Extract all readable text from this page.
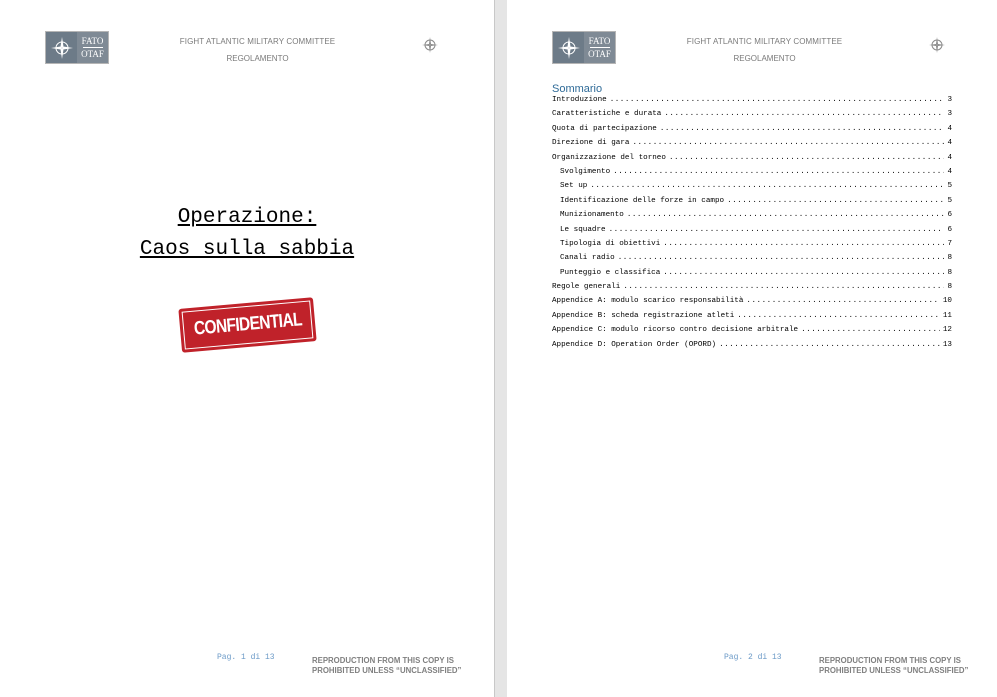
FATO
OTAF
FIGHT ATLANTIC MILITARY COMMITTEE
REGOLAMENTO
Operazione:
Caos sulla sabbia
CONFIDENTIAL
Pag. 1 di 13	REPRODUCTION FROM THIS COPY IS
PROHIBITED UNLESS “UNCLASSIFIED”
FATO
OTAF
FIGHT ATLANTIC MILITARY COMMITTEE
REGOLAMENTO
Sommario
Introduzione .....	3
Caratteristiche e durata .....	3
Quota di partecipazione .....	4
Direzione di gara .....	4
Organizzazione del torneo .....	4
Svolgimento .....	4
Set up .....	5
Identificazione delle forze in campo .....	5
Munizionamento .....	6
Le squadre .....	6
Tipologia di obiettivi .....	7
Canali radio .....	8
Punteggio e classifica .....	8
Regole generali .....	8
Appendice A: modulo scarico responsabilità .....	10
Appendice B: scheda registrazione atleti .....	11
Appendice C: modulo ricorso contro decisione arbitrale .....	12
Appendice D: Operation Order (OPORD) .....	13
Pag. 2 di 13	REPRODUCTION FROM THIS COPY IS
PROHIBITED UNLESS “UNCLASSIFIED”
